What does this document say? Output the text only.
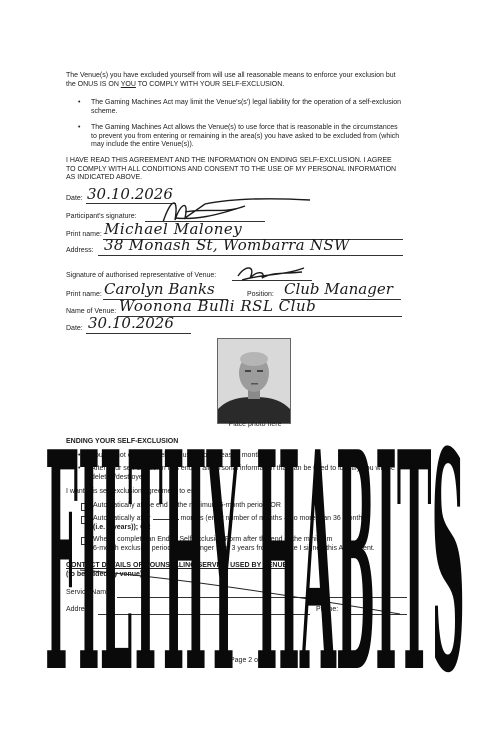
The Venue(s) you have excluded yourself from will use all reasonable means to enforce your exclusion but
the ONUS IS ON YOU TO COMPLY WITH YOUR SELF-EXCLUSION.
• The Gaming Machines Act may limit the Venue's(s') legal liability for the operation of a self-exclusion
scheme.
• The Gaming Machines Act allows the Venue(s) to use force that is reasonable in the circumstances
to prevent you from entering or remaining in the area(s) you have asked to be excluded from (which
may include the entire Venue(s)).
I HAVE READ THIS AGREEMENT AND THE INFORMATION ON ENDING SELF-EXCLUSION. I AGREE
TO COMPLY WITH ALL CONDITIONS AND CONSENT TO THE USE OF MY PERSONAL INFORMATION
AS INDICATED ABOVE.
Date: 30.10.2026
Participant's signature:
Print name: Michael Maloney
Address: 38 Monash St, Wombarra NSW
Signature of authorised representative of Venue:
Print name: Carolyn Banks	Position: Club Manager
Name of Venue: Woonona Bulli RSL Club
Date: 30.10.2026
Place photo here
ENDING YOUR SELF-EXCLUSION
• You cannot end your self-exclusion for at least 6 months.
• After your self-exclusion has ended all personal information that can be used to identify you will be
deleted/destroyed.
I want this self-exclusion agreement to end:
Automatically at the end of the minimum 6-month period; OR
Automatically after	months (enter number of months – no more than 36 months
(i.e. 3 years)); OR
When I complete an End of Self-exclusion Form after the end of the minimum
6-month exclusion period but no longer than 3 years from the date I signed this Agreement.
CONTACT DETAILS OF COUNSELLING SERVICE USED BY VENUE
(to be added by venue)
Service Name:
Address:	Phone:
Page 2 of 3
FILTHY HABITS
